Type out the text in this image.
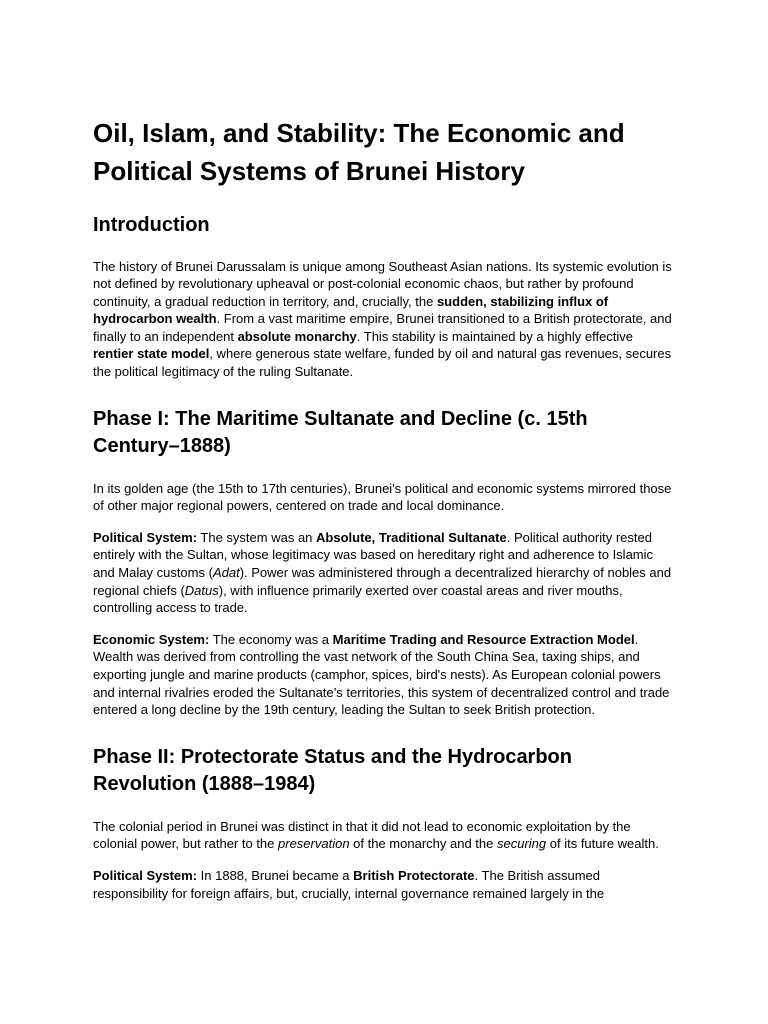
Oil, Islam, and Stability: The Economic and Political Systems of Brunei History
Introduction

The history of Brunei Darussalam is unique among Southeast Asian nations. Its systemic evolution is not defined by revolutionary upheaval or post-colonial economic chaos, but rather by profound continuity, a gradual reduction in territory, and, crucially, the sudden, stabilizing influx of hydrocarbon wealth. From a vast maritime empire, Brunei transitioned to a British protectorate, and finally to an independent absolute monarchy. This stability is maintained by a highly effective rentier state model, where generous state welfare, funded by oil and natural gas revenues, secures the political legitimacy of the ruling Sultanate.

Phase I: The Maritime Sultanate and Decline (c. 15th Century–1888)

In its golden age (the 15th to 17th centuries), Brunei's political and economic systems mirrored those of other major regional powers, centered on trade and local dominance.

Political System: The system was an Absolute, Traditional Sultanate. Political authority rested entirely with the Sultan, whose legitimacy was based on hereditary right and adherence to Islamic and Malay customs (Adat). Power was administered through a decentralized hierarchy of nobles and regional chiefs (Datus), with influence primarily exerted over coastal areas and river mouths, controlling access to trade.

Economic System: The economy was a Maritime Trading and Resource Extraction Model. Wealth was derived from controlling the vast network of the South China Sea, taxing ships, and exporting jungle and marine products (camphor, spices, bird's nests). As European colonial powers and internal rivalries eroded the Sultanate’s territories, this system of decentralized control and trade entered a long decline by the 19th century, leading the Sultan to seek British protection.

Phase II: Protectorate Status and the Hydrocarbon Revolution (1888–1984)

The colonial period in Brunei was distinct in that it did not lead to economic exploitation by the colonial power, but rather to the preservation of the monarchy and the securing of its future wealth.

Political System: In 1888, Brunei became a British Protectorate. The British assumed responsibility for foreign affairs, but, crucially, internal governance remained largely in the
